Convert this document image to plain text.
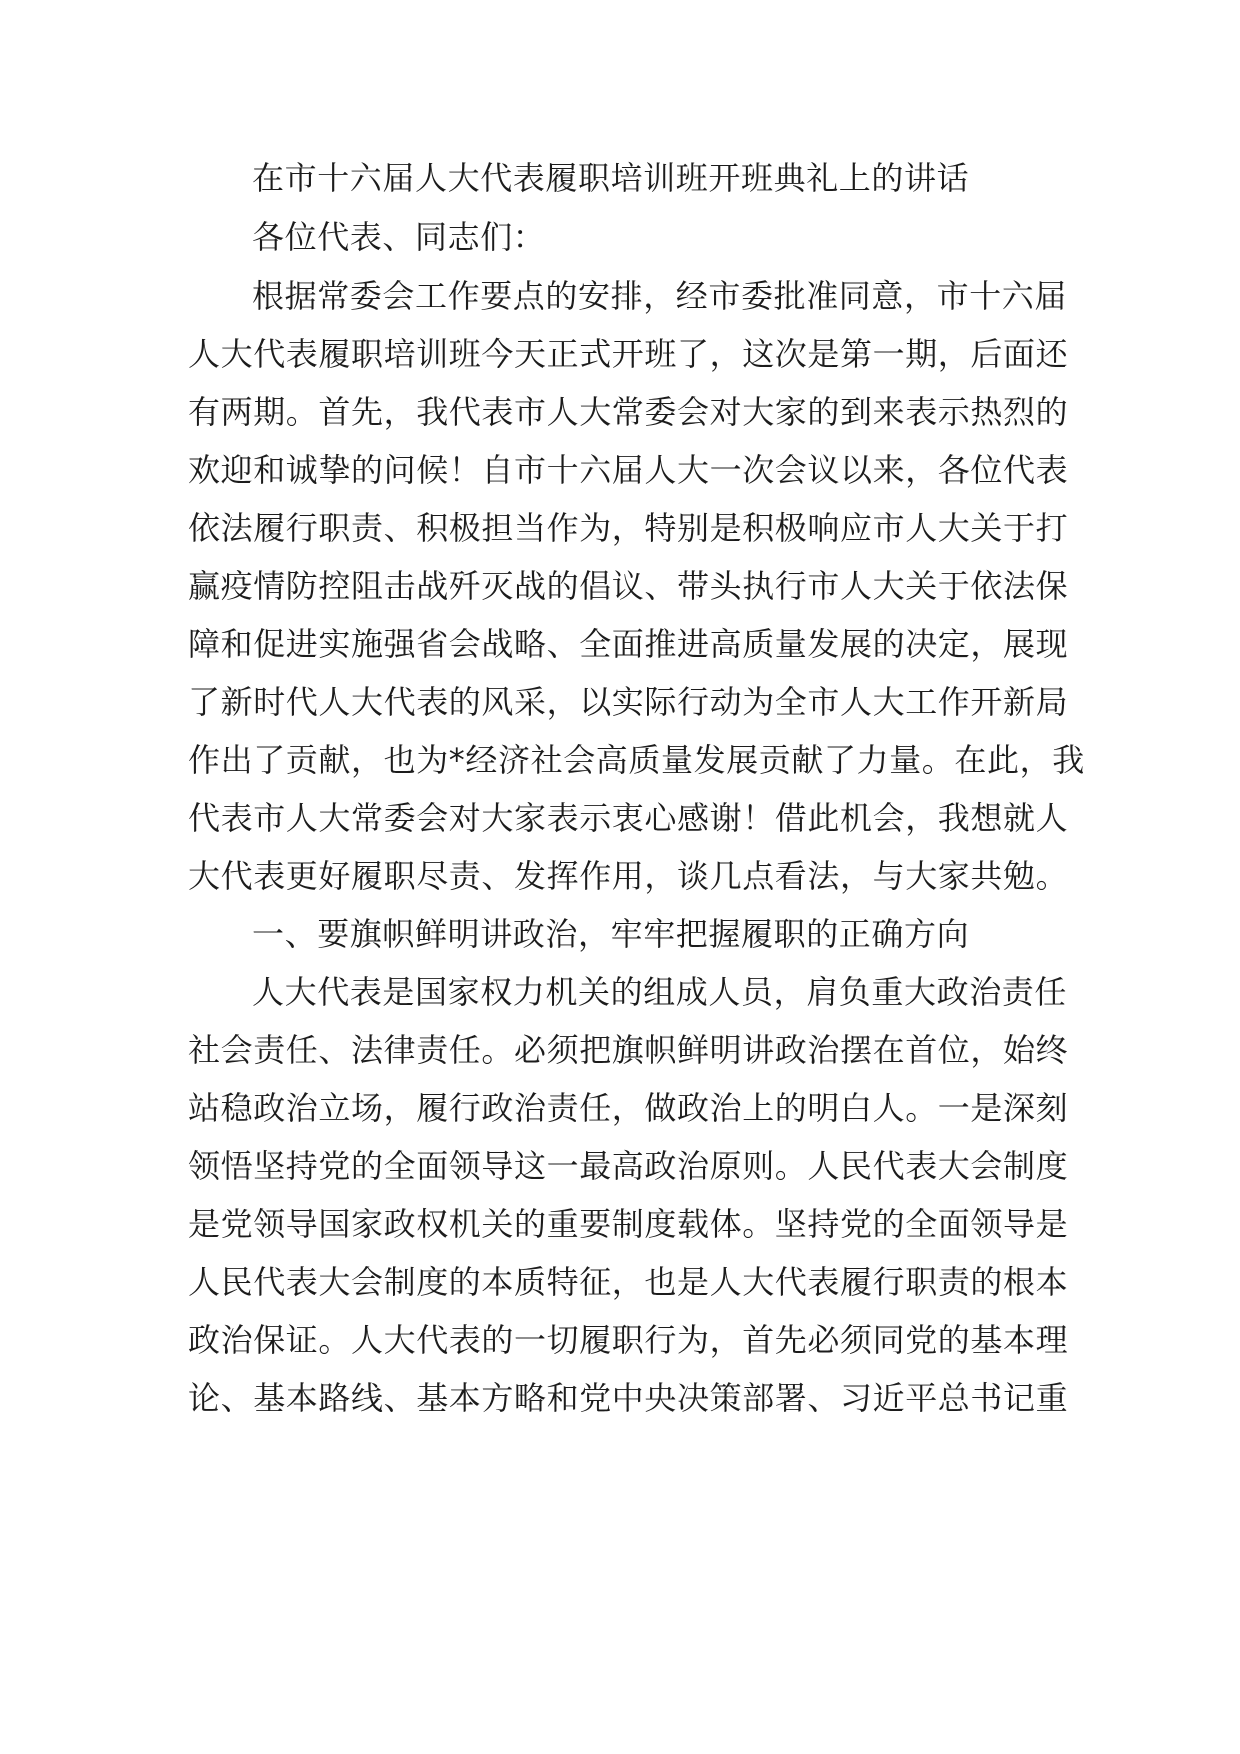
在市十六届人大代表履职培训班开班典礼上的讲话
各位代表、同志们：
根据常委会工作要点的安排，经市委批准同意，市十六届
人大代表履职培训班今天正式开班了，这次是第一期，后面还
有两期。首先，我代表市人大常委会对大家的到来表示热烈的
欢迎和诚挚的问候！自市十六届人大一次会议以来，各位代表
依法履行职责、积极担当作为，特别是积极响应市人大关于打
赢疫情防控阻击战歼灭战的倡议、带头执行市人大关于依法保
障和促进实施强省会战略、全面推进高质量发展的决定，展现
了新时代人大代表的风采，以实际行动为全市人大工作开新局
作出了贡献，也为*经济社会高质量发展贡献了力量。在此，我
代表市人大常委会对大家表示衷心感谢！借此机会，我想就人
大代表更好履职尽责、发挥作用，谈几点看法，与大家共勉。
一、要旗帜鲜明讲政治，牢牢把握履职的正确方向
人大代表是国家权力机关的组成人员，肩负重大政治责任
社会责任、法律责任。必须把旗帜鲜明讲政治摆在首位，始终
站稳政治立场，履行政治责任，做政治上的明白人。一是深刻
领悟坚持党的全面领导这一最高政治原则。人民代表大会制度
是党领导国家政权机关的重要制度载体。坚持党的全面领导是
人民代表大会制度的本质特征，也是人大代表履行职责的根本
政治保证。人大代表的一切履职行为，首先必须同党的基本理
论、基本路线、基本方略和党中央决策部署、习近平总书记重
